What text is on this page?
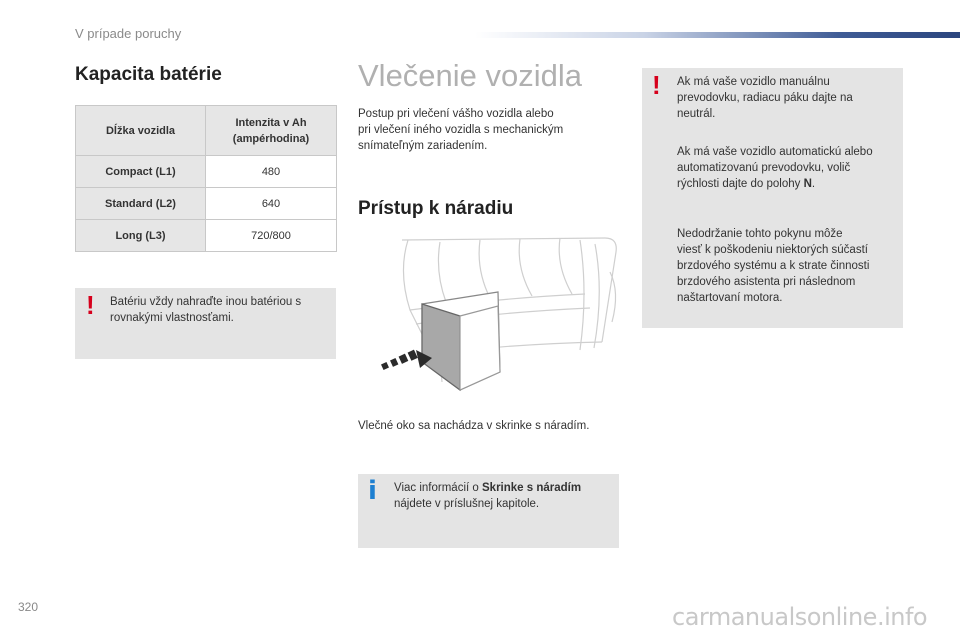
V prípade poruchy
Kapacita batérie
Dĺžka vozidla	Intenzita v Ah
(ampérhodina)
Compact (L1)	480
Standard (L2)	640
Long (L3)	720/800
! Batériu vždy nahraďte inou batériou s
rovnakými vlastnosťami.
Vlečenie vozidla
Postup pri vlečení vášho vozidla alebo
pri vlečení iného vozidla s mechanickým
snímateľným zariadením.
Prístup k náradiu
Vlečné oko sa nachádza v skrinke s náradím.
i Viac informácií o Skrinke s náradím
nájdete v príslušnej kapitole.
! Ak má vaše vozidlo manuálnu
prevodovku, radiacu páku dajte na
neutrál.
Ak má vaše vozidlo automatickú alebo
automatizovanú prevodovku, volič
rýchlosti dajte do polohy N.
Nedodržanie tohto pokynu môže
viesť k poškodeniu niektorých súčastí
brzdového systému a k strate činnosti
brzdového asistenta pri následnom
naštartovaní motora.
320	carmanualsonline.info
